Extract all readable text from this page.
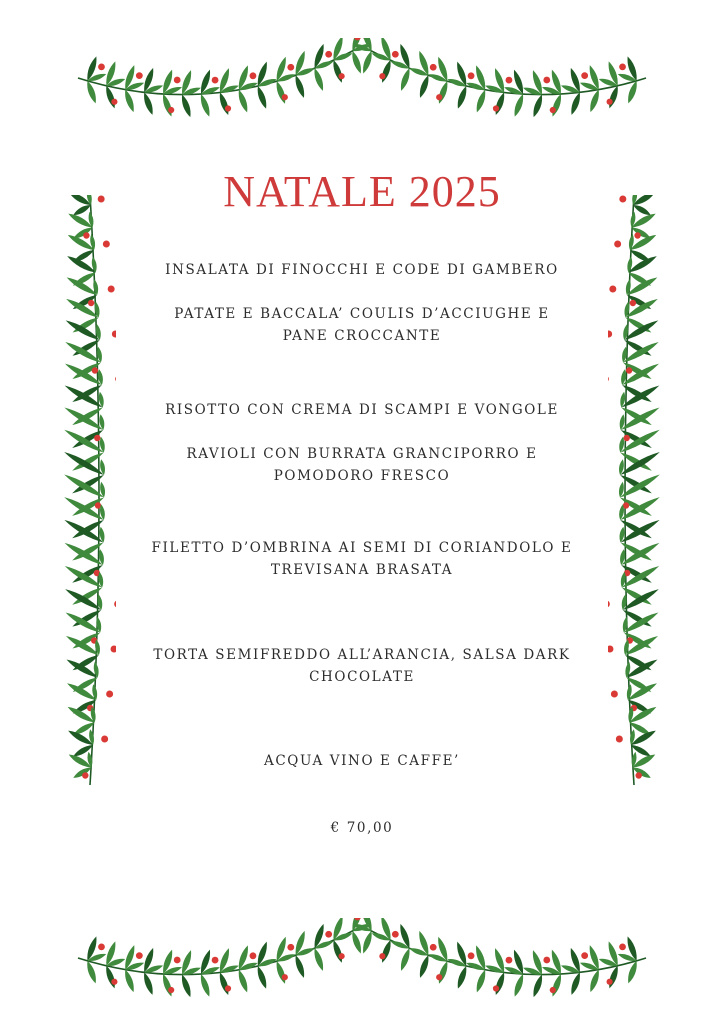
NATALE 2025
INSALATA DI FINOCCHI E CODE DI GAMBERO
PATATE E BACCALA’ COULIS D’ACCIUGHE E
PANE CROCCANTE
RISOTTO CON CREMA DI SCAMPI E VONGOLE
RAVIOLI CON BURRATA GRANCIPORRO E
POMODORO FRESCO
FILETTO D’OMBRINA AI SEMI DI CORIANDOLO E
TREVISANA BRASATA
TORTA SEMIFREDDO ALL’ARANCIA, SALSA DARK
CHOCOLATE
ACQUA VINO E CAFFE’
€ 70,00
